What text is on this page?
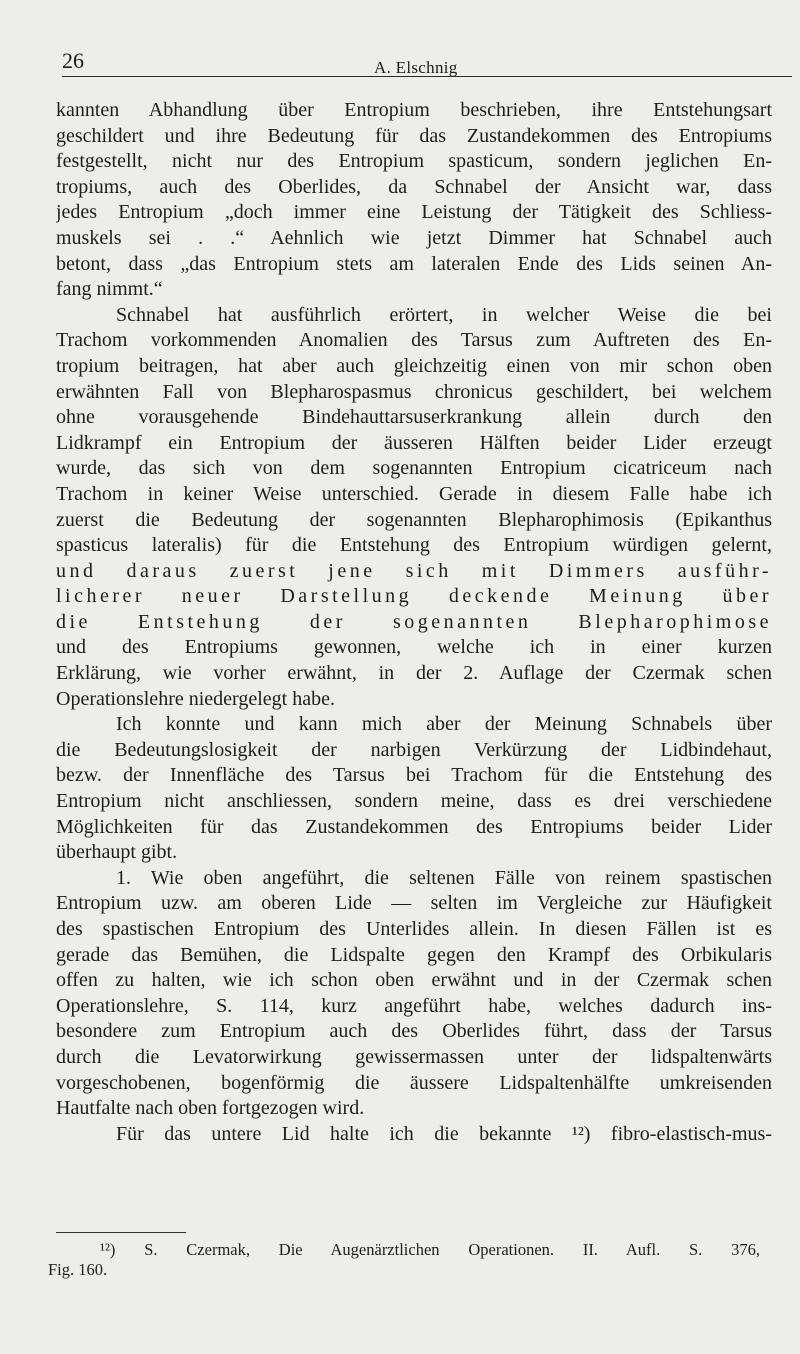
26	A. Elschnig
kannten Abhandlung über Entropium beschrieben, ihre Entstehungsart
geschildert und ihre Bedeutung für das Zustandekommen des Entropiums
festgestellt, nicht nur des Entropium spasticum, sondern jeglichen En-
tropiums, auch des Oberlides, da Schnabel der Ansicht war, dass
jedes Entropium „doch immer eine Leistung der Tätigkeit des Schliess-
muskels sei . .“ Aehnlich wie jetzt Dimmer hat Schnabel auch
betont, dass „das Entropium stets am lateralen Ende des Lids seinen An-
fang nimmt.“
Schnabel hat ausführlich erörtert, in welcher Weise die bei
Trachom vorkommenden Anomalien des Tarsus zum Auftreten des En-
tropium beitragen, hat aber auch gleichzeitig einen von mir schon oben
erwähnten Fall von Blepharospasmus chronicus geschildert, bei welchem
ohne vorausgehende Bindehauttarsuserkrankung allein durch den
Lidkrampf ein Entropium der äusseren Hälften beider Lider erzeugt
wurde, das sich von dem sogenannten Entropium cicatriceum nach
Trachom in keiner Weise unterschied. Gerade in diesem Falle habe ich
zuerst die Bedeutung der sogenannten Blepharophimosis (Epikanthus
spasticus lateralis) für die Entstehung des Entropium würdigen gelernt,
und daraus zuerst jene sich mit Dimmers ausführ-
licherer neuer Darstellung deckende Meinung über
die Entstehung der sogenannten Blepharophimose
und des Entropiums gewonnen, welche ich in einer kurzen
Erklärung, wie vorher erwähnt, in der 2. Auflage der Czermak schen
Operationslehre niedergelegt habe.
Ich konnte und kann mich aber der Meinung Schnabels über
die Bedeutungslosigkeit der narbigen Verkürzung der Lidbindehaut,
bezw. der Innenfläche des Tarsus bei Trachom für die Entstehung des
Entropium nicht anschliessen, sondern meine, dass es drei verschiedene
Möglichkeiten für das Zustandekommen des Entropiums beider Lider
überhaupt gibt.
1. Wie oben angeführt, die seltenen Fälle von reinem spastischen
Entropium uzw. am oberen Lide — selten im Vergleiche zur Häufigkeit
des spastischen Entropium des Unterlides allein. In diesen Fällen ist es
gerade das Bemühen, die Lidspalte gegen den Krampf des Orbikularis
offen zu halten, wie ich schon oben erwähnt und in der Czermak schen
Operationslehre, S. 114, kurz angeführt habe, welches dadurch ins-
besondere zum Entropium auch des Oberlides führt, dass der Tarsus
durch die Levatorwirkung gewissermassen unter der lidspaltenwärts
vorgeschobenen, bogenförmig die äussere Lidspaltenhälfte umkreisenden
Hautfalte nach oben fortgezogen wird.
Für das untere Lid halte ich die bekannte ¹²) fibro-elastisch-mus-
¹²) S. Czermak, Die Augenärztlichen Operationen. II. Aufl. S. 376,
Fig. 160.
